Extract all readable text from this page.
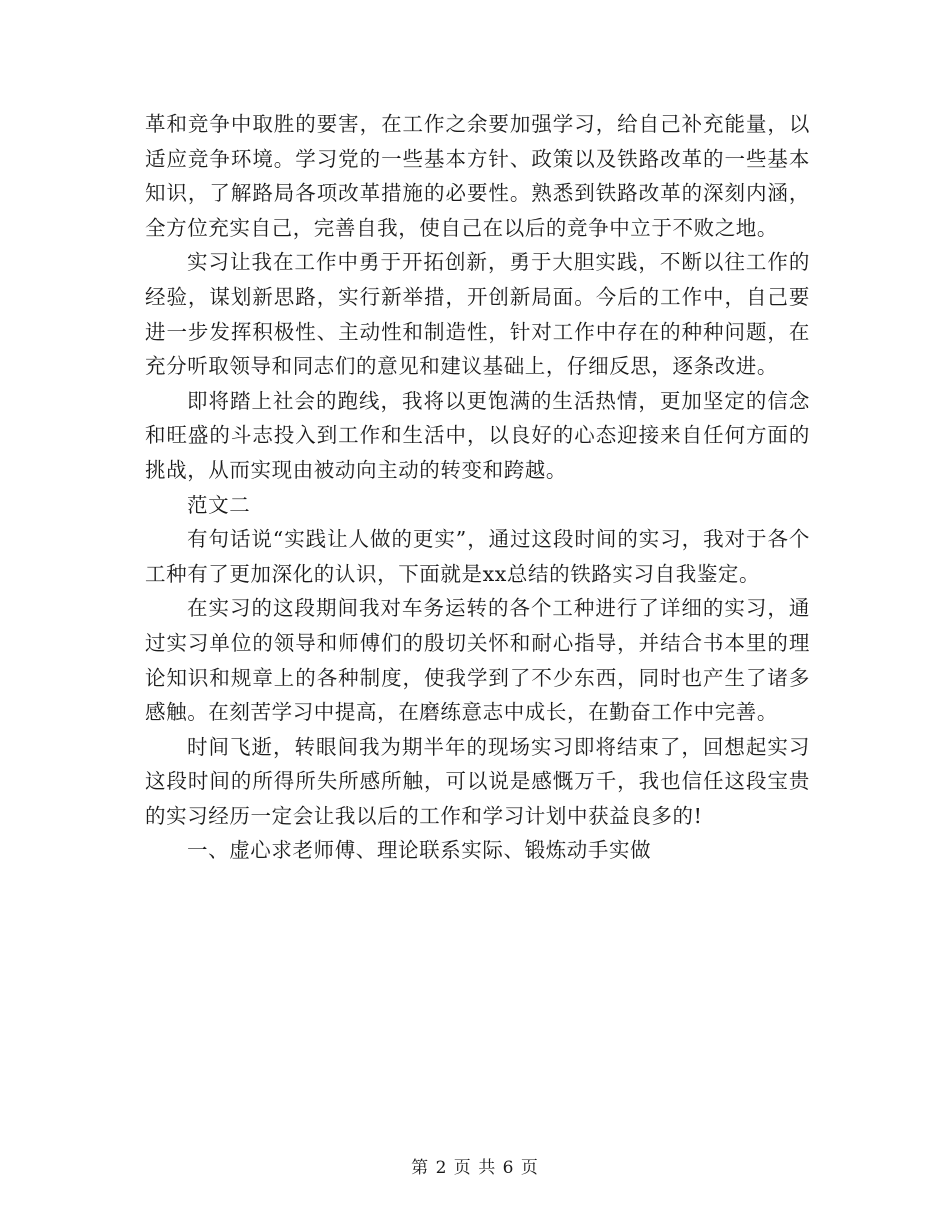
革和竞争中取胜的要害，在工作之余要加强学习，给自己补充能量，以适应竞争环境。学习党的一些基本方针、政策以及铁路改革的一些基本知识，了解路局各项改革措施的必要性。熟悉到铁路改革的深刻内涵，全方位充实自己，完善自我，使自己在以后的竞争中立于不败之地。

实习让我在工作中勇于开拓创新，勇于大胆实践，不断以往工作的经验，谋划新思路，实行新举措，开创新局面。今后的工作中，自己要进一步发挥积极性、主动性和制造性，针对工作中存在的种种问题，在充分听取领导和同志们的意见和建议基础上，仔细反思，逐条改进。

即将踏上社会的跑线，我将以更饱满的生活热情，更加坚定的信念和旺盛的斗志投入到工作和生活中，以良好的心态迎接来自任何方面的挑战，从而实现由被动向主动的转变和跨越。

范文二

有句话说“实践让人做的更实”，通过这段时间的实习，我对于各个工种有了更加深化的认识，下面就是xx总结的铁路实习自我鉴定。

在实习的这段期间我对车务运转的各个工种进行了详细的实习，通过实习单位的领导和师傅们的殷切关怀和耐心指导，并结合书本里的理论知识和规章上的各种制度，使我学到了不少东西，同时也产生了诸多感触。在刻苦学习中提高，在磨练意志中成长，在勤奋工作中完善。

时间飞逝，转眼间我为期半年的现场实习即将结束了，回想起实习这段时间的所得所失所感所触，可以说是感慨万千，我也信任这段宝贵的实习经历一定会让我以后的工作和学习计划中获益良多的!

一、虚心求老师傅、理论联系实际、锻炼动手实做

第 2 页 共 6 页
